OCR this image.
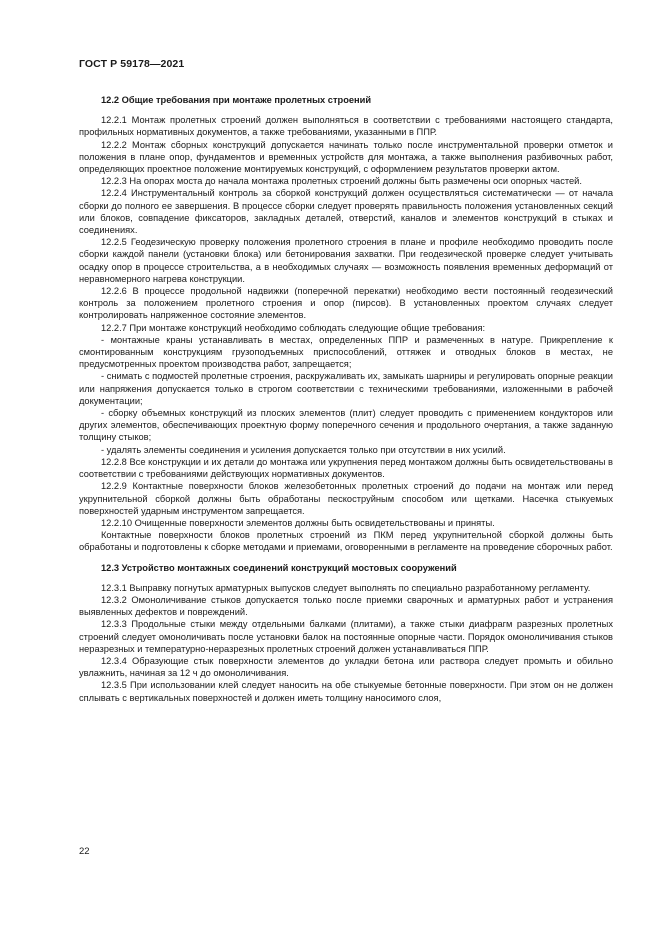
ГОСТ Р 59178—2021
12.2 Общие требования при монтаже пролетных строений

12.2.1 Монтаж пролетных строений должен выполняться в соответствии с требованиями настоящего стандарта, профильных нормативных документов, а также требованиями, указанными в ППР.

12.2.2 Монтаж сборных конструкций допускается начинать только после инструментальной проверки отметок и положения в плане опор, фундаментов и временных устройств для монтажа, а также выполнения разбивочных работ, определяющих проектное положение монтируемых конструкций, с оформлением результатов проверки актом.

12.2.3 На опорах моста до начала монтажа пролетных строений должны быть размечены оси опорных частей.

12.2.4 Инструментальный контроль за сборкой конструкций должен осуществляться систематически — от начала сборки до полного ее завершения. В процессе сборки следует проверять правильность положения установленных секций или блоков, совпадение фиксаторов, закладных деталей, отверстий, каналов и элементов конструкций в стыках и соединениях.

12.2.5 Геодезическую проверку положения пролетного строения в плане и профиле необходимо проводить после сборки каждой панели (установки блока) или бетонирования захватки. При геодезической проверке следует учитывать осадку опор в процессе строительства, а в необходимых случаях — возможность появления временных деформаций от неравномерного нагрева конструкции.

12.2.6 В процессе продольной надвижки (поперечной перекатки) необходимо вести постоянный геодезический контроль за положением пролетного строения и опор (пирсов). В установленных проектом случаях следует контролировать напряженное состояние элементов.

12.2.7 При монтаже конструкций необходимо соблюдать следующие общие требования:

- монтажные краны устанавливать в местах, определенных ППР и размеченных в натуре. Прикрепление к смонтированным конструкциям грузоподъемных приспособлений, оттяжек и отводных блоков в местах, не предусмотренных проектом производства работ, запрещается;

- снимать с подмостей пролетные строения, раскружаливать их, замыкать шарниры и регулировать опорные реакции или напряжения допускается только в строгом соответствии с техническими требованиями, изложенными в рабочей документации;

- сборку объемных конструкций из плоских элементов (плит) следует проводить с применением кондукторов или других элементов, обеспечивающих проектную форму поперечного сечения и продольного очертания, а также заданную толщину стыков;

- удалять элементы соединения и усиления допускается только при отсутствии в них усилий.

12.2.8 Все конструкции и их детали до монтажа или укрупнения перед монтажом должны быть освидетельствованы в соответствии с требованиями действующих нормативных документов.

12.2.9 Контактные поверхности блоков железобетонных пролетных строений до подачи на монтаж или перед укрупнительной сборкой должны быть обработаны пескоструйным способом или щетками. Насечка стыкуемых поверхностей ударным инструментом запрещается.

12.2.10 Очищенные поверхности элементов должны быть освидетельствованы и приняты.

Контактные поверхности блоков пролетных строений из ПКМ перед укрупнительной сборкой должны быть обработаны и подготовлены к сборке методами и приемами, оговоренными в регламенте на проведение сборочных работ.

12.3 Устройство монтажных соединений конструкций мостовых сооружений

12.3.1 Выправку погнутых арматурных выпусков следует выполнять по специально разработанному регламенту.

12.3.2 Омоноличивание стыков допускается только после приемки сварочных и арматурных работ и устранения выявленных дефектов и повреждений.

12.3.3 Продольные стыки между отдельными балками (плитами), а также стыки диафрагм разрезных пролетных строений следует омоноличивать после установки балок на постоянные опорные части. Порядок омоноличивания стыков неразрезных и температурно-неразрезных пролетных строений должен устанавливаться ППР.

12.3.4 Образующие стык поверхности элементов до укладки бетона или раствора следует промыть и обильно увлажнить, начиная за 12 ч до омоноличивания.

12.3.5 При использовании клей следует наносить на обе стыкуемые бетонные поверхности. При этом он не должен сплывать с вертикальных поверхностей и должен иметь толщину наносимого слоя,

22
